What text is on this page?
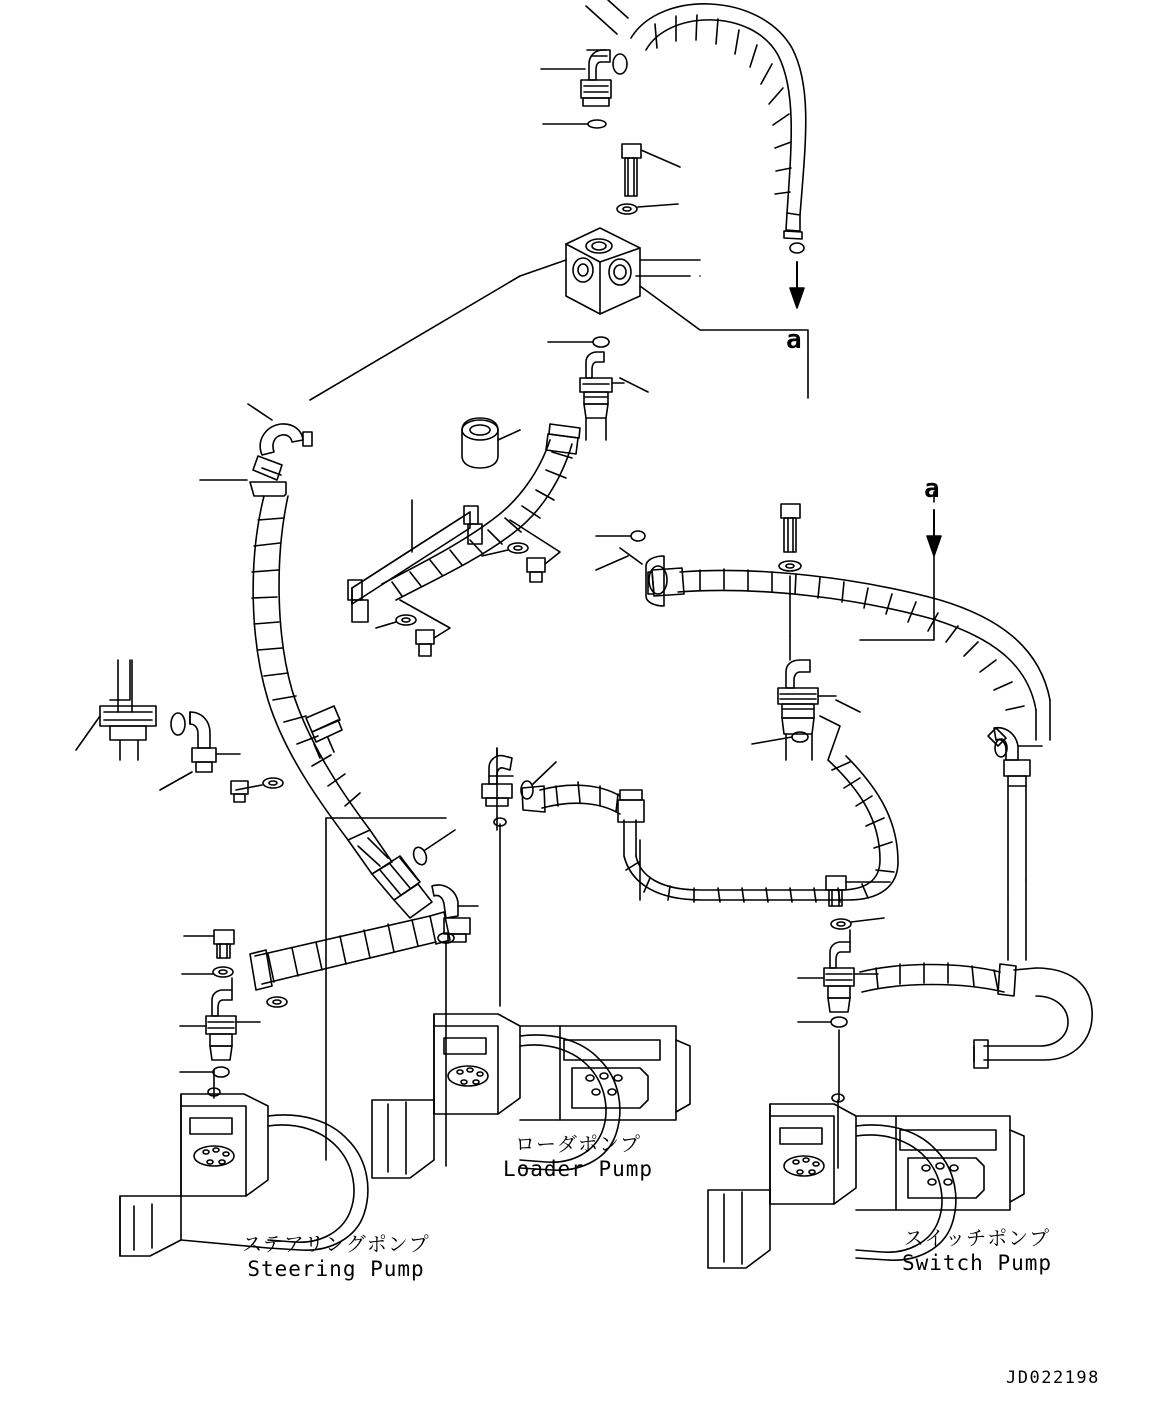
a
a
ローダポンプ
Loader Pump
ステアリングポンプ
Steering Pump
スイッチポンプ
Switch Pump
JD022198
